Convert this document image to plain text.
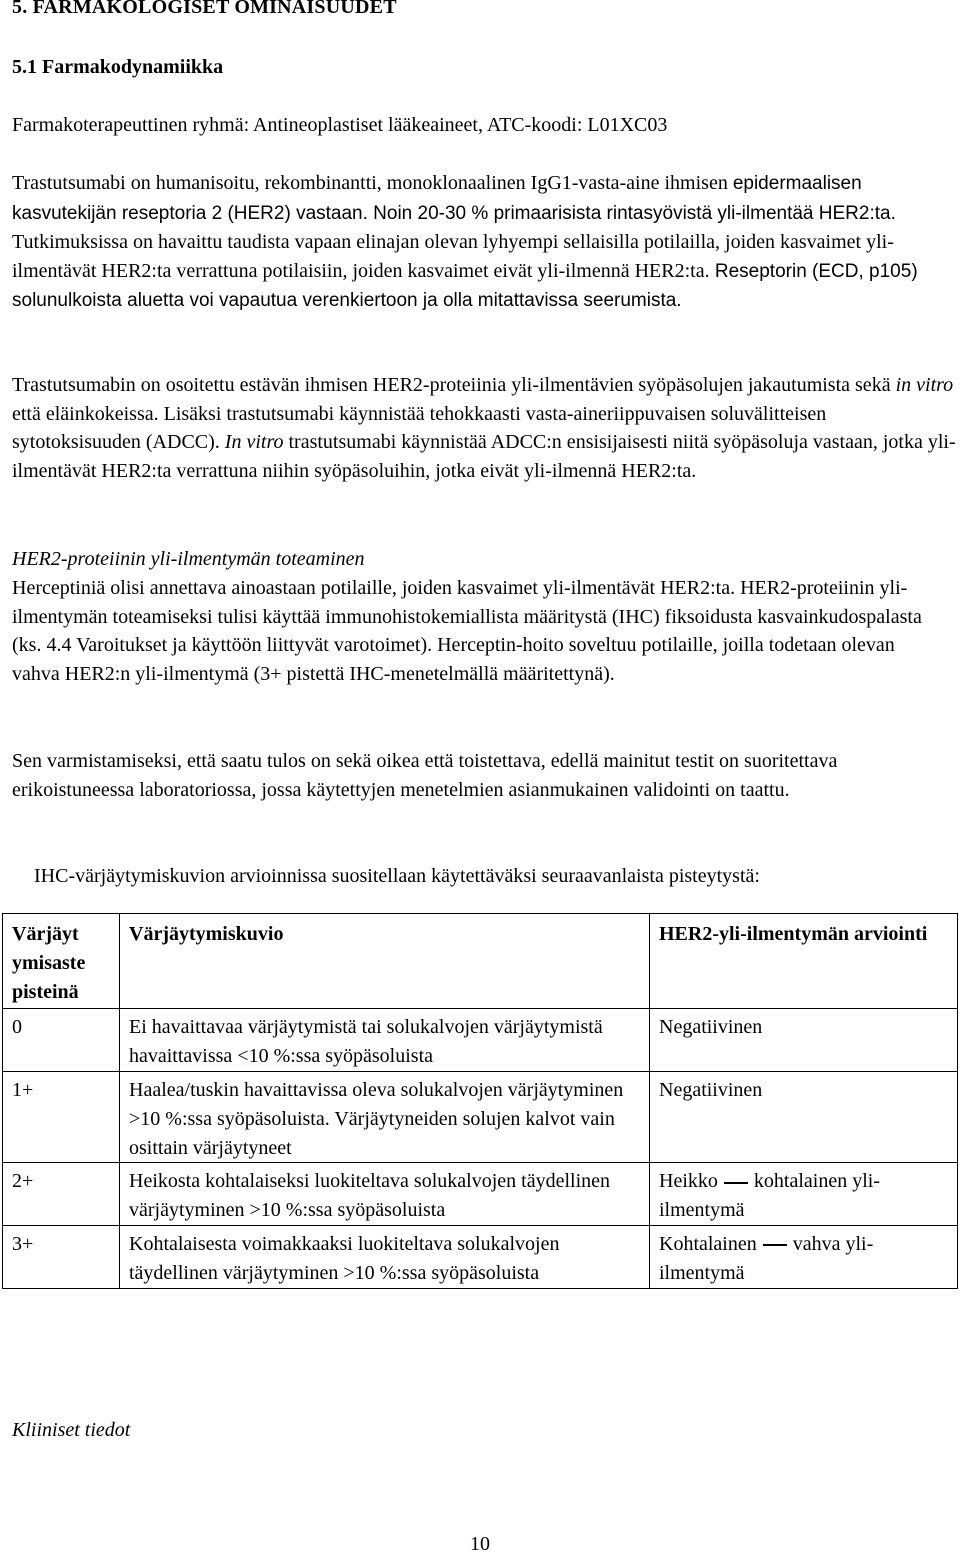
5. FARMAKOLOGISET OMINAISUUDET
5.1 Farmakodynamiikka
Farmakoterapeuttinen ryhmä: Antineoplastiset lääkeaineet, ATC-koodi: L01XC03
Trastutsumabi on humanisoitu, rekombinantti, monoklonaalinen IgG1-vasta-aine ihmisen epidermaalisen kasvutekijän reseptoria 2 (HER2) vastaan. Noin 20-30 % primaarisista rintasyövistä yli-ilmentää HER2:ta. Tutkimuksissa on havaittu taudista vapaan elinajan olevan lyhyempi sellaisilla potilailla, joiden kasvaimet yli-ilmentävät HER2:ta verrattuna potilaisiin, joiden kasvaimet eivät yli-ilmennä HER2:ta. Reseptorin (ECD, p105) solunulkoista aluetta voi vapautua verenkiertoon ja olla mitattavissa seerumista.
Trastutsumabin on osoitettu estävän ihmisen HER2-proteiinia yli-ilmentävien syöpäsolujen jakautumista sekä in vitro että eläinkokeissa. Lisäksi trastutsumabi käynnistää tehokkaasti vasta-aineriippuvaisen soluvälitteisen sytotoksisuuden (ADCC). In vitro trastutsumabi käynnistää ADCC:n ensisijaisesti niitä syöpäsoluja vastaan, jotka yli-ilmentävät HER2:ta verrattuna niihin syöpäsoluihin, jotka eivät yli-ilmennä HER2:ta.
HER2-proteiinin yli-ilmentymän toteaminen
Herceptiniä olisi annettava ainoastaan potilaille, joiden kasvaimet yli-ilmentävät HER2:ta. HER2-proteiinin yli-ilmentymän toteamiseksi tulisi käyttää immunohistokemiallista määritystä (IHC) fiksoidusta kasvainkudospalasta (ks. 4.4 Varoitukset ja käyttöön liittyvät varotoimet). Herceptin-hoito soveltuu potilaille, joilla todetaan olevan vahva HER2:n yli-ilmentymä (3+ pistettä IHC-menetelmällä määritettynä).
Sen varmistamiseksi, että saatu tulos on sekä oikea että toistettava, edellä mainitut testit on suoritettava erikoistuneessa laboratoriossa, jossa käytettyjen menetelmien asianmukainen validointi on taattu.
IHC-värjäytymiskuvion arvioinnissa suositellaan käytettäväksi seuraavanlaista pisteytystä:
Värjäyt ymisaste pisteinä	Värjäytymiskuvio	HER2-yli-ilmentymän arviointi
0	Ei havaittavaa värjäytymistä tai solukalvojen värjäytymistä havaittavissa <10 %:ssa syöpäsoluista	Negatiivinen
1+	Haalea/tuskin havaittavissa oleva solukalvojen värjäytyminen >10 %:ssa syöpäsoluista. Värjäytyneiden solujen kalvot vain osittain värjäytyneet	Negatiivinen
2+	Heikosta kohtalaiseksi luokiteltava solukalvojen täydellinen värjäytyminen >10 %:ssa syöpäsoluista	Heikko kohtalainen yli-ilmentymä
3+	Kohtalaisesta voimakkaaksi luokiteltava solukalvojen täydellinen värjäytyminen >10 %:ssa syöpäsoluista	Kohtalainen vahva yli-ilmentymä
Kliiniset tiedot
10
